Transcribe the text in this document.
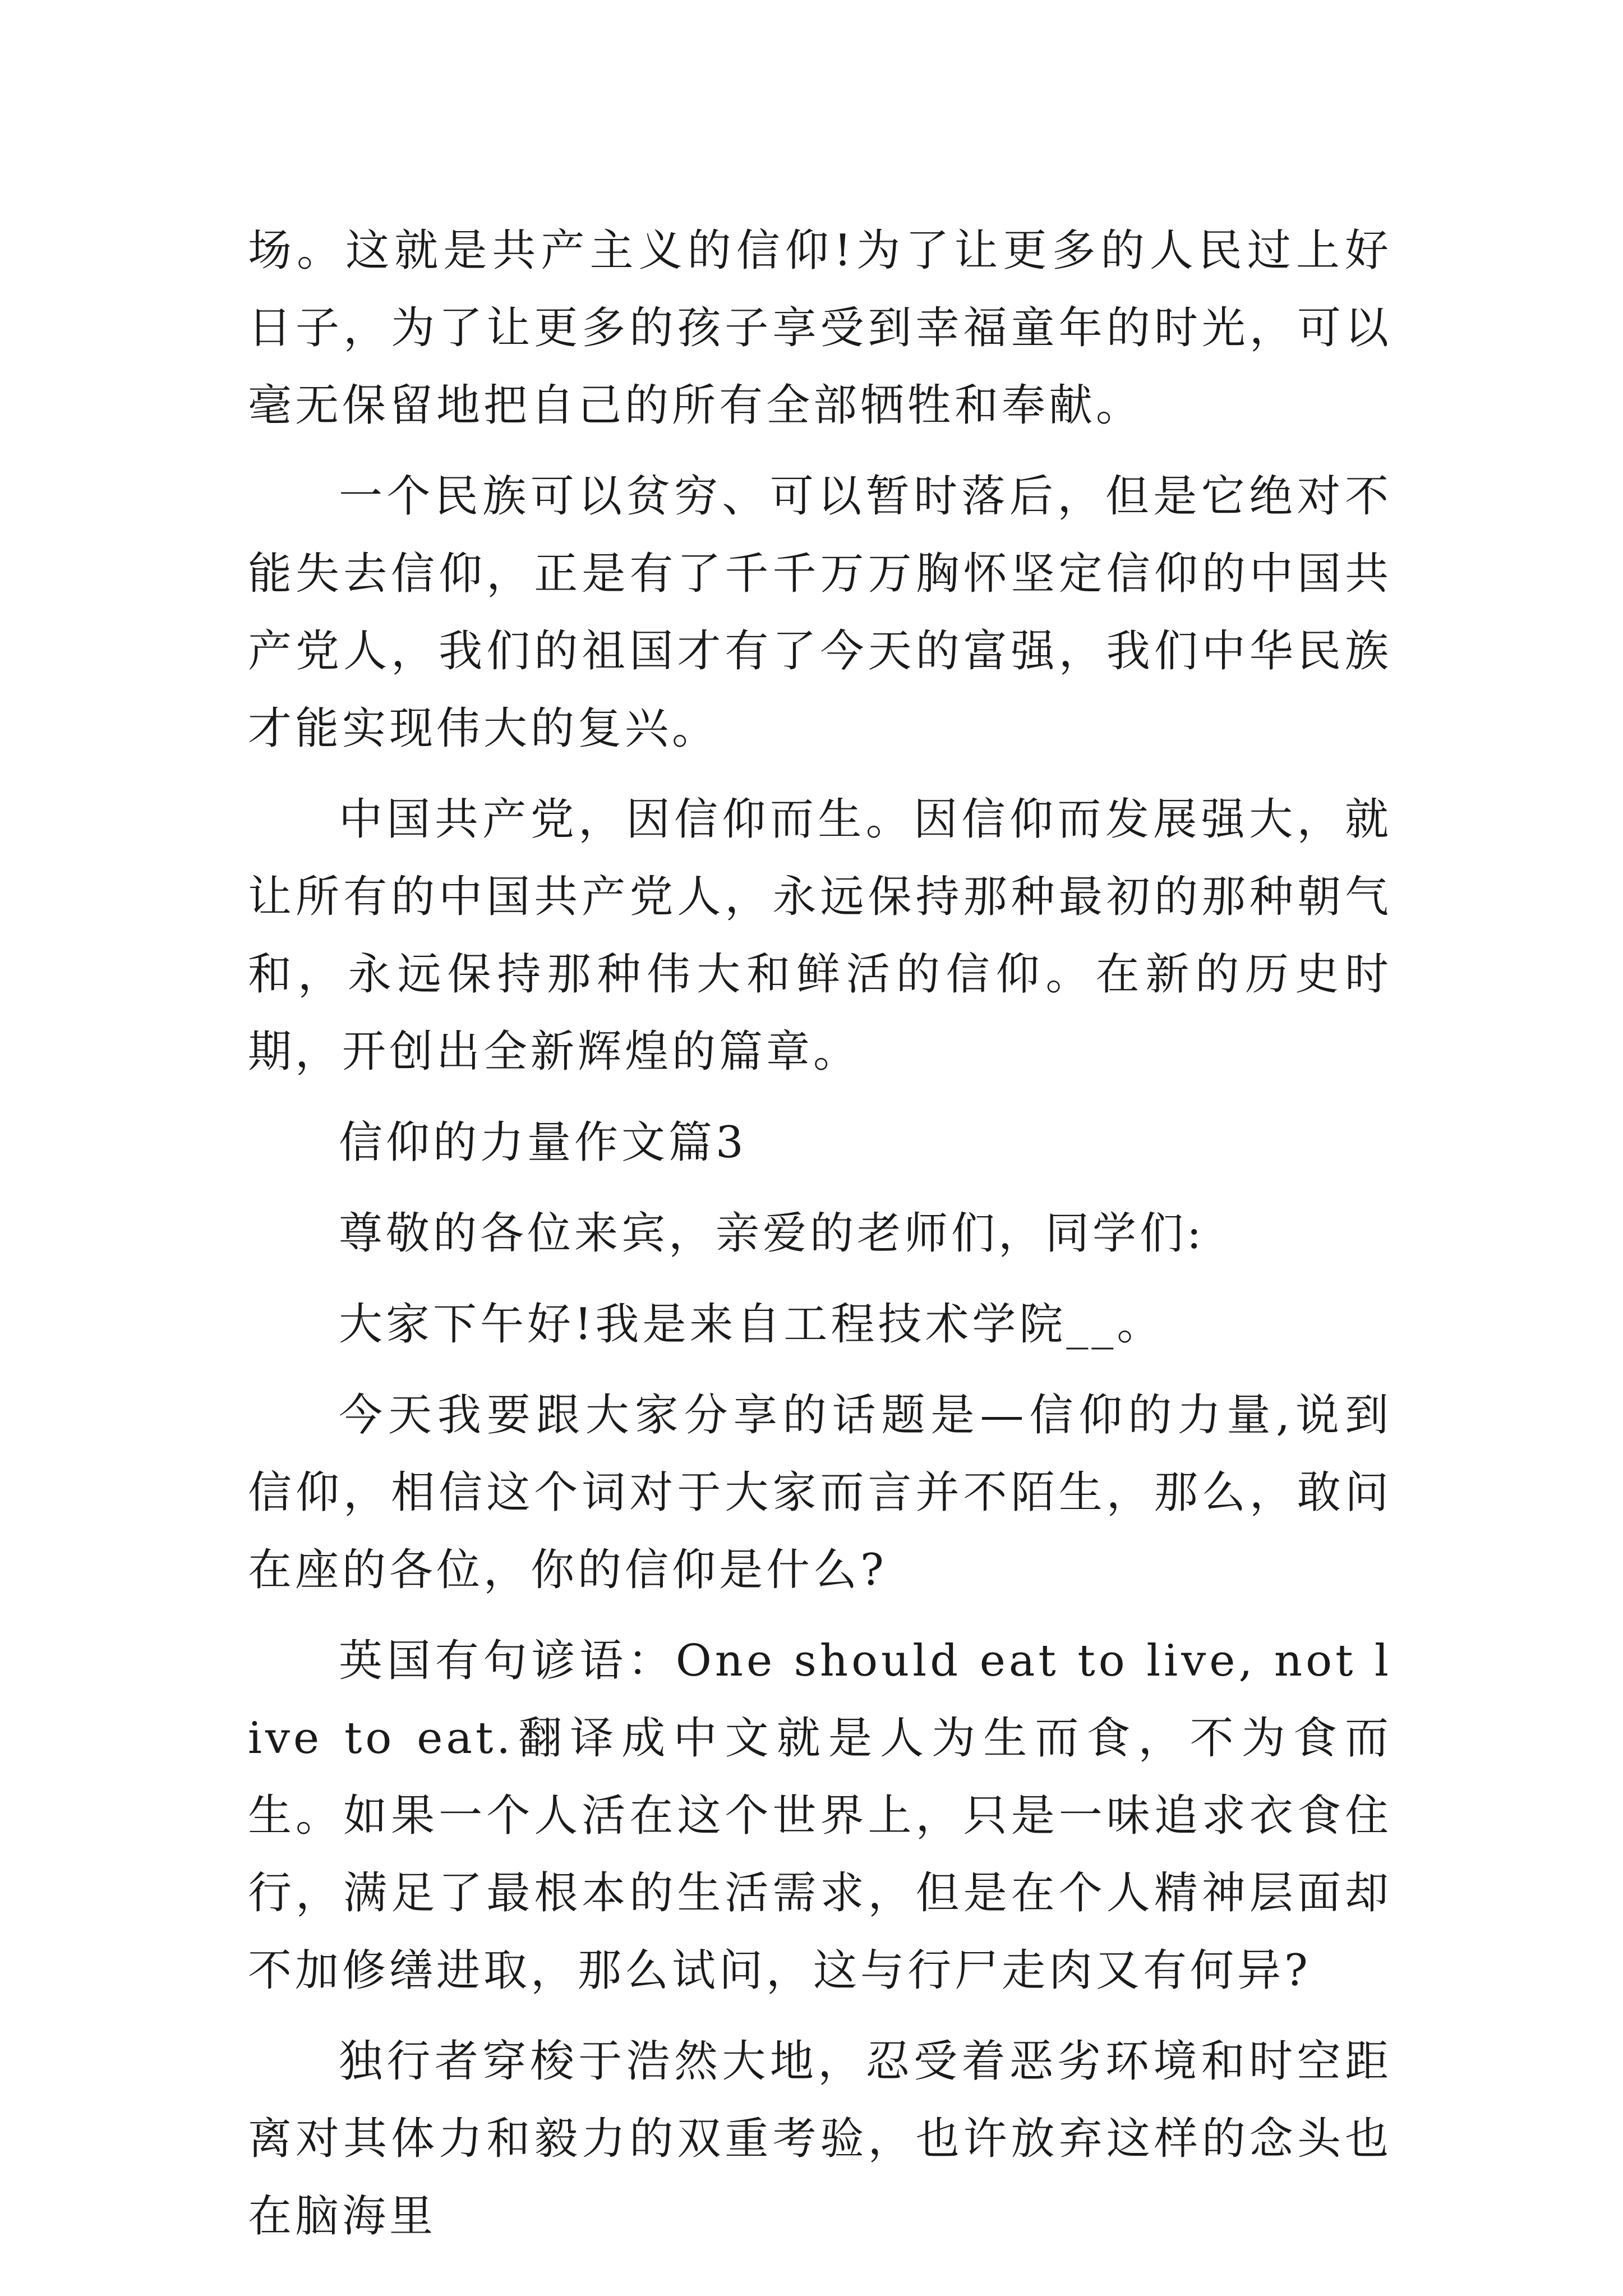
场。这就是共产主义的信仰!为了让更多的人民过上好日子，为了让更多的孩子享受到幸福童年的时光，可以毫无保留地把自己的所有全部牺牲和奉献。

一个民族可以贫穷、可以暂时落后，但是它绝对不能失去信仰，正是有了千千万万胸怀坚定信仰的中国共产党人，我们的祖国才有了今天的富强，我们中华民族才能实现伟大的复兴。

中国共产党，因信仰而生。因信仰而发展强大，就让所有的中国共产党人，永远保持那种最初的那种朝气和，永远保持那种伟大和鲜活的信仰。在新的历史时期，开创出全新辉煌的篇章。

信仰的力量作文篇3

尊敬的各位来宾，亲爱的老师们，同学们:

大家下午好!我是来自工程技术学院__。

今天我要跟大家分享的话题是—信仰的力量,说到信仰，相信这个词对于大家而言并不陌生，那么，敢问在座的各位，你的信仰是什么?

英国有句谚语：One should eat to live, not live to eat.翻译成中文就是人为生而食，不为食而生。如果一个人活在这个世界上，只是一味追求衣食住行，满足了最根本的生活需求，但是在个人精神层面却不加修缮进取，那么试问，这与行尸走肉又有何异?

独行者穿梭于浩然大地，忍受着恶劣环境和时空距离对其体力和毅力的双重考验，也许放弃这样的念头也在脑海里
